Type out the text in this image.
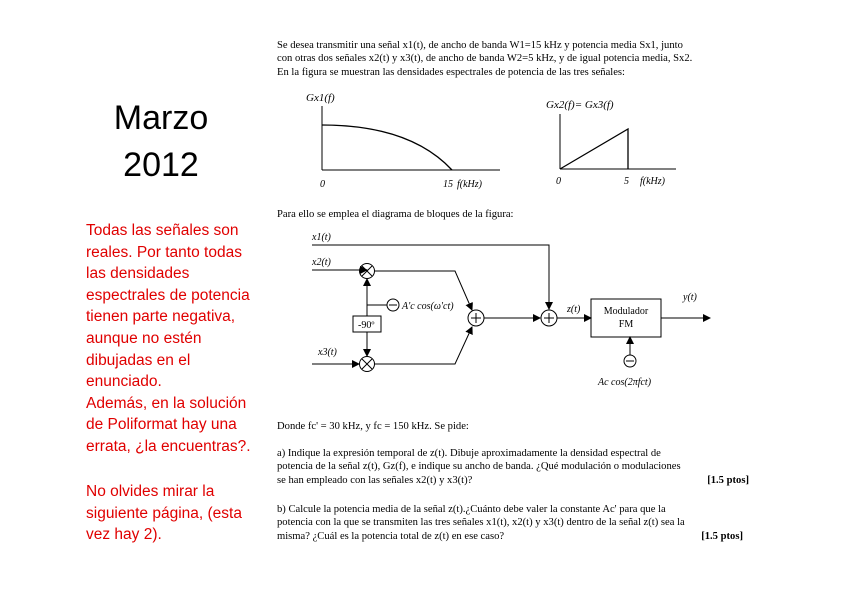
Marzo
2012
Todas las señales son
reales. Por tanto todas
las densidades
espectrales de potencia
tienen parte negativa,
aunque no estén
dibujadas en el
enunciado.
Además, en la solución
de Poliformat hay una
errata, ¿la encuentras?.
No olvides mirar la
siguiente página, (esta
vez hay 2).

Se desea transmitir una señal x1(t), de ancho de banda W1=15 kHz y potencia media Sx1, junto

con otras dos señales x2(t) y x3(t), de ancho de banda W2=5 kHz, y de igual potencia media, Sx2.

En la figura se muestran las densidades espectrales de potencia de las tres señales:

Para ello se emplea el diagrama de bloques de la figura:
Donde fc' = 30 kHz, y fc = 150 kHz. Se pide:

a) Indique la expresión temporal de z(t). Dibuje aproximadamente la densidad espectral de

potencia de la señal z(t), Gz(f), e indique su ancho de banda. ¿Qué modulación o modulaciones

se han empleado con las señales x2(t) y x3(t)?	[1.5 ptos]

b) Calcule la potencia media de la señal z(t).¿Cuánto debe valer la constante Ac' para que la

potencia con la que se transmiten las tres señales x1(t), x2(t) y x3(t) dentro de la señal z(t) sea la

misma? ¿Cuál es la potencia total de z(t) en ese caso?	[1.5 ptos]

Gx1(f)
0	15 f(kHz)
Gx2(f)= Gx3(f)
0	5 f(kHz)
x1(t)
x2(t)
x3(t)
A'c cos(ω'ct)
-90º
z(t) Modulador
FM
y(t)
Ac cos(2πfct)
